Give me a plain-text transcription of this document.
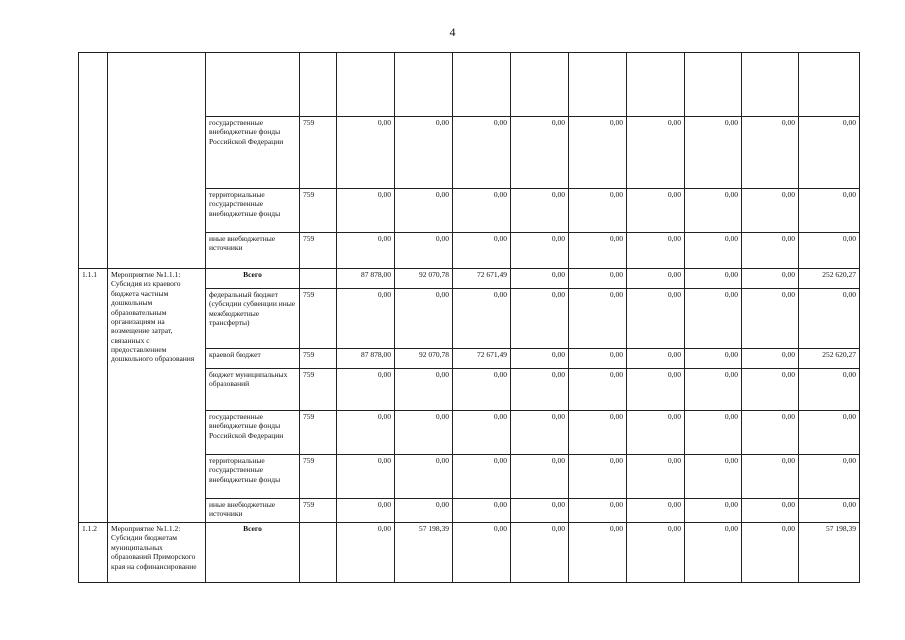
4

		государственные внебюджетные фонды Российской Федерации	759	0,00	0,00	0,00	0,00	0,00	0,00	0,00	0,00	0,00
		территориальные государственные внебюджетные фонды	759	0,00	0,00	0,00	0,00	0,00	0,00	0,00	0,00	0,00
		иные внебюджетные источники	759	0,00	0,00	0,00	0,00	0,00	0,00	0,00	0,00	0,00
1.1.1	Мероприятие №1.1.1: Субсидия из краевого бюджета частным дошкольным образовательным организациям на возмещение затрат, связанных с предоставлением дошкольного образования	Всего		87 878,00	92 070,78	72 671,49	0,00	0,00	0,00	0,00	0,00	252 620,27
		федеральный бюджет (субсидии субвенции иные межбюджетные трансферты)	759	0,00	0,00	0,00	0,00	0,00	0,00	0,00	0,00	0,00
		краевой бюджет	759	87 878,00	92 070,78	72 671,49	0,00	0,00	0,00	0,00	0,00	252 620,27
		бюджет муниципальных образований	759	0,00	0,00	0,00	0,00	0,00	0,00	0,00	0,00	0,00
		государственные внебюджетные фонды Российской Федерации	759	0,00	0,00	0,00	0,00	0,00	0,00	0,00	0,00	0,00
		территориальные государственные внебюджетные фонды	759	0,00	0,00	0,00	0,00	0,00	0,00	0,00	0,00	0,00
		иные внебюджетные источники	759	0,00	0,00	0,00	0,00	0,00	0,00	0,00	0,00	0,00
1.1.2	Мероприятие №1.1.2: Субсидии бюджетам муниципальных образований Приморского края на софинансирование	Всего		0,00	57 198,39	0,00	0,00	0,00	0,00	0,00	0,00	57 198,39
